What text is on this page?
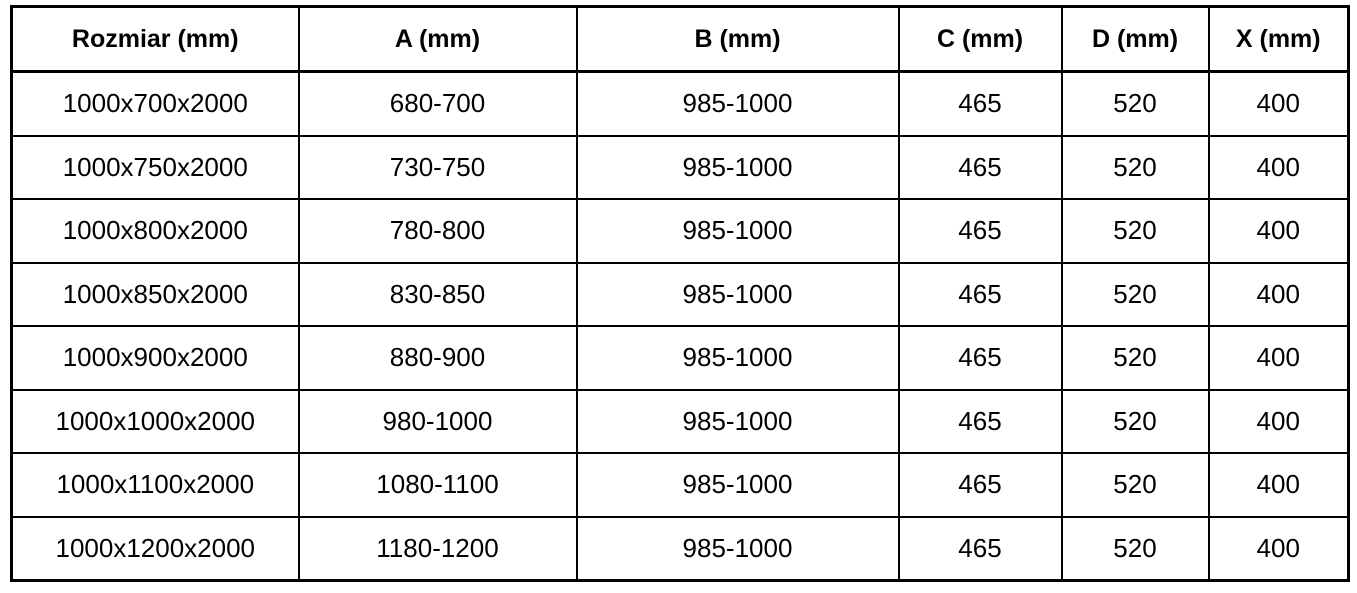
Rozmiar (mm)	A (mm)	B (mm)	C (mm)	D (mm)	X (mm)
1000x700x2000	680-700	985-1000	465	520	400
1000x750x2000	730-750	985-1000	465	520	400
1000x800x2000	780-800	985-1000	465	520	400
1000x850x2000	830-850	985-1000	465	520	400
1000x900x2000	880-900	985-1000	465	520	400
1000x1000x2000	980-1000	985-1000	465	520	400
1000x1100x2000	1080-1100	985-1000	465	520	400
1000x1200x2000	1180-1200	985-1000	465	520	400
